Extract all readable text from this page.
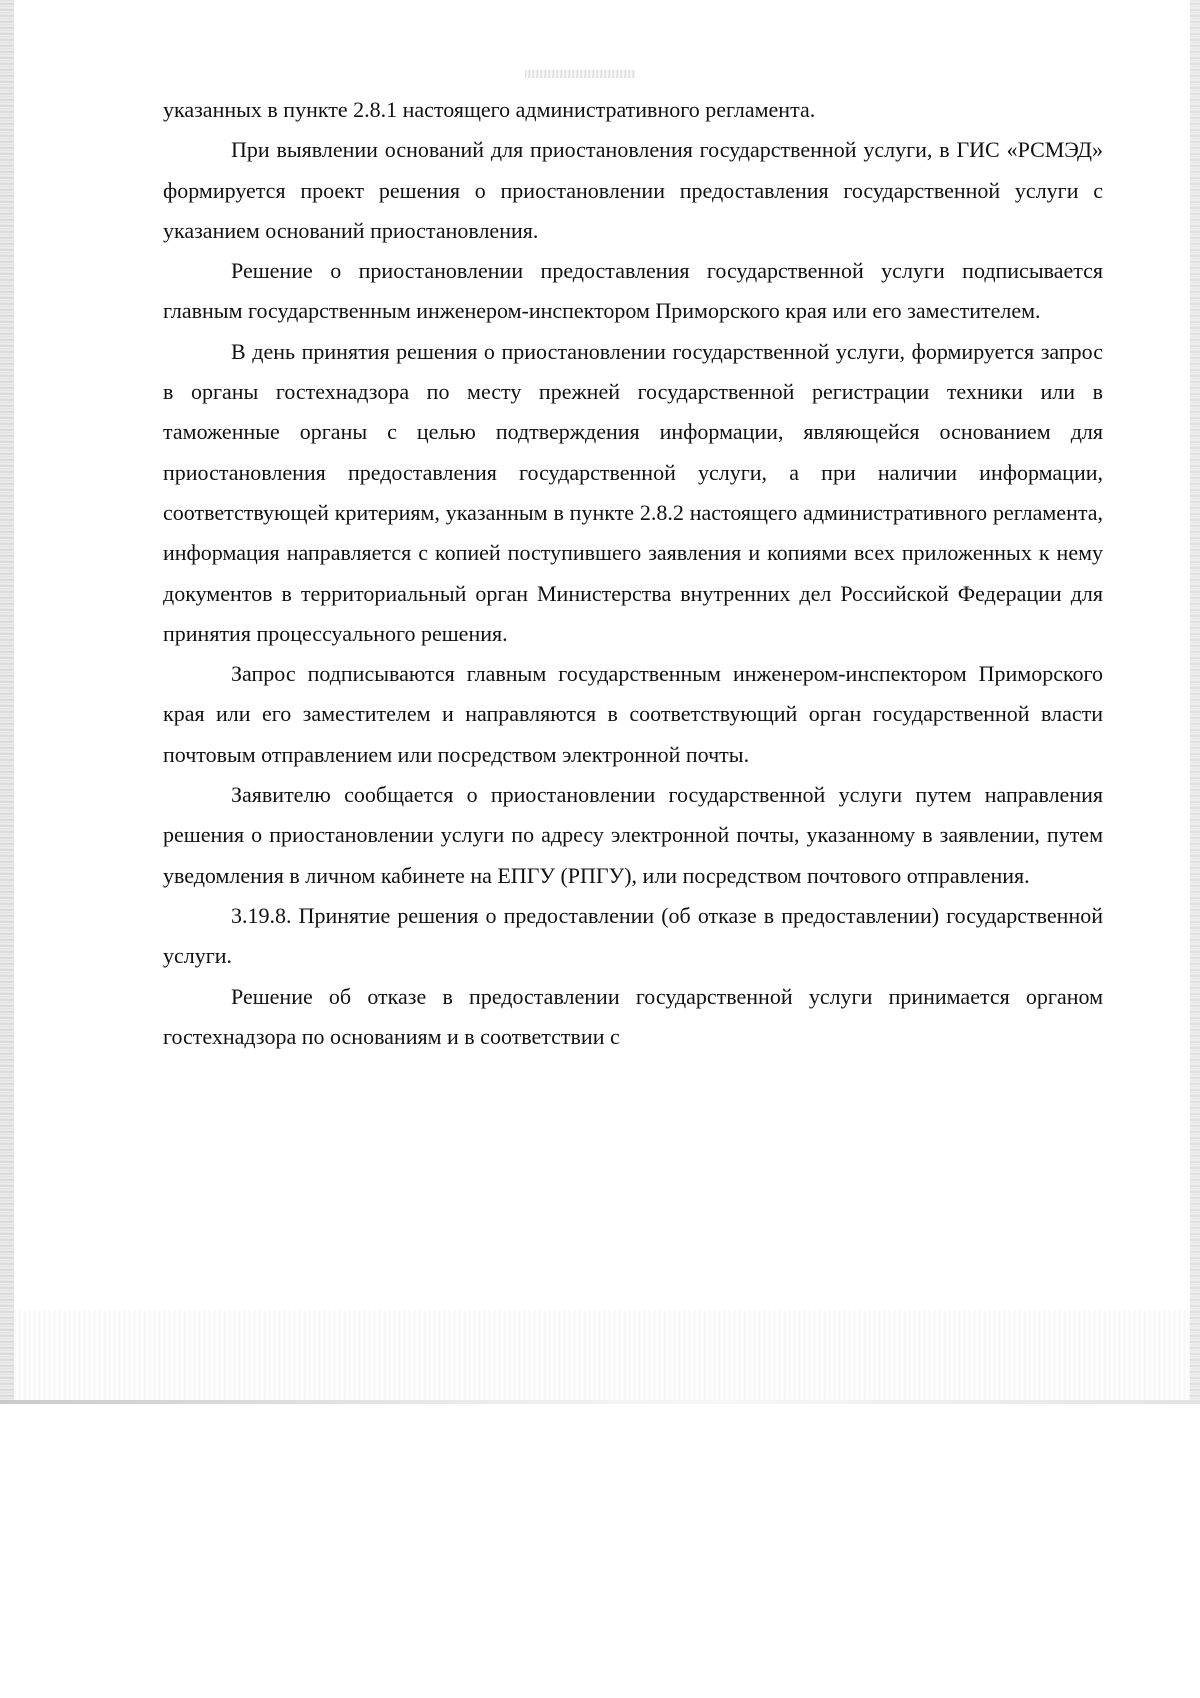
указанных в пункте 2.8.1 настоящего административного регламента.

При выявлении оснований для приостановления государственной услуги, в ГИС «РСМЭД» формируется проект решения о приостановлении предоставления государственной услуги с указанием оснований приостановления.

Решение о приостановлении предоставления государственной услуги подписывается главным государственным инженером-инспектором Приморского края или его заместителем.

В день принятия решения о приостановлении государственной услуги, формируется запрос в органы гостехнадзора по месту прежней государственной регистрации техники или в таможенные органы с целью подтверждения информации, являющейся основанием для приостановления предоставления государственной услуги, а при наличии информации, соответствующей критериям, указанным в пункте 2.8.2 настоящего административного регламента, информация направляется с копией поступившего заявления и копиями всех приложенных к нему документов в территориальный орган Министерства внутренних дел Российской Федерации для принятия процессуального решения.

Запрос подписываются главным государственным инженером-инспектором Приморского края или его заместителем и направляются в соответствующий орган государственной власти почтовым отправлением или посредством электронной почты.

Заявителю сообщается о приостановлении государственной услуги путем направления решения о приостановлении услуги по адресу электронной почты, указанному в заявлении, путем уведомления в личном кабинете на ЕПГУ (РПГУ), или посредством почтового отправления.

3.19.8. Принятие решения о предоставлении (об отказе в предоставлении) государственной услуги.

Решение об отказе в предоставлении государственной услуги принимается органом гостехнадзора по основаниям и в соответствии с
